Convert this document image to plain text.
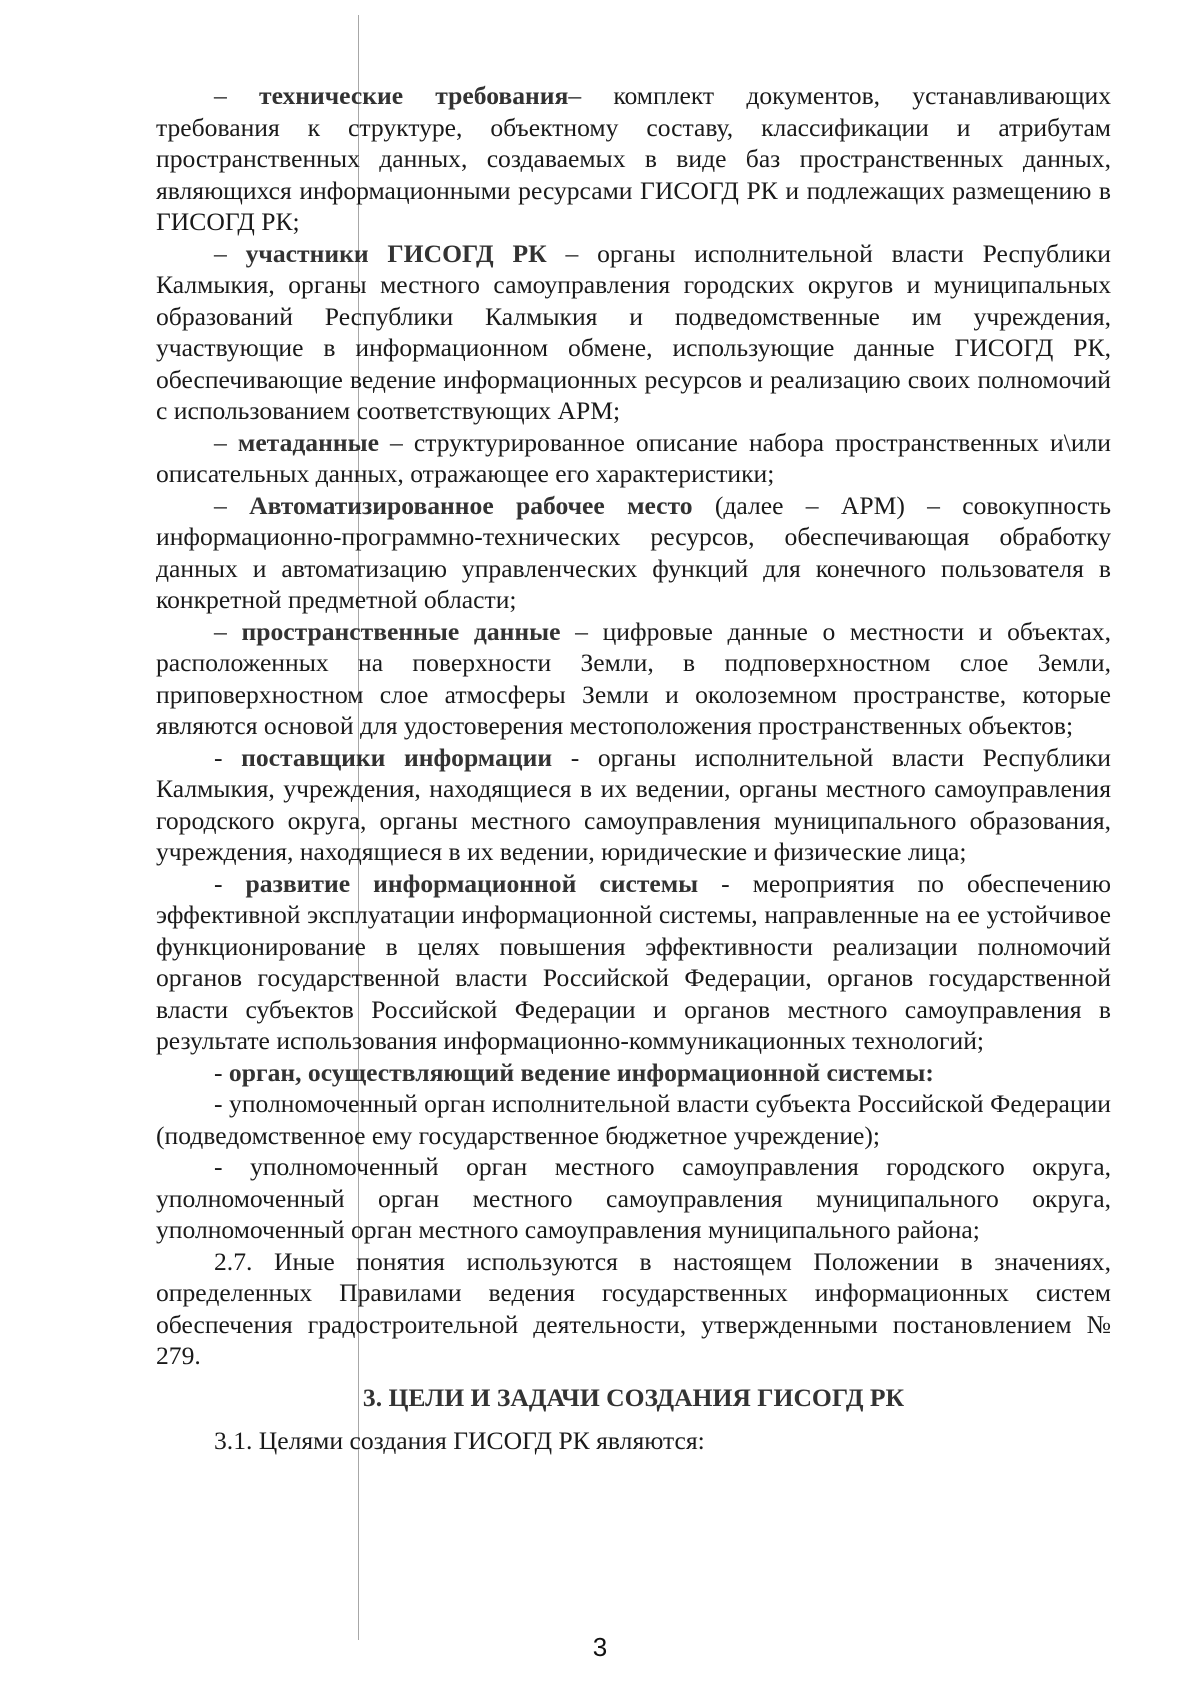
– технические требования– комплект документов, устанавливающих требования к структуре, объектному составу, классификации и атрибутам пространственных данных, создаваемых в виде баз пространственных данных, являющихся информационными ресурсами ГИСОГД РК и подлежащих размещению в ГИСОГД РК;

– участники ГИСОГД РК – органы исполнительной власти Республики Калмыкия, органы местного самоуправления городских округов и муниципальных образований Республики Калмыкия и подведомственные им учреждения, участвующие в информационном обмене, использующие данные ГИСОГД РК, обеспечивающие ведение информационных ресурсов и реализацию своих полномочий с использованием соответствующих АРМ;

– метаданные – структурированное описание набора пространственных и\или описательных данных, отражающее его характеристики;

– Автоматизированное рабочее место (далее – АРМ) – совокупность информационно-программно-технических ресурсов, обеспечивающая обработку данных и автоматизацию управленческих функций для конечного пользователя в конкретной предметной области;

– пространственные данные – цифровые данные о местности и объектах, расположенных на поверхности Земли, в подповерхностном слое Земли, приповерхностном слое атмосферы Земли и околоземном пространстве, которые являются основой для удостоверения местоположения пространственных объектов;

- поставщики информации - органы исполнительной власти Республики Калмыкия, учреждения, находящиеся в их ведении, органы местного самоуправления городского округа, органы местного самоуправления муниципального образования, учреждения, находящиеся в их ведении, юридические и физические лица;

- развитие информационной системы - мероприятия по обеспечению эффективной эксплуатации информационной системы, направленные на ее устойчивое функционирование в целях повышения эффективности реализации полномочий органов государственной власти Российской Федерации, органов государственной власти субъектов Российской Федерации и органов местного самоуправления в результате использования информационно-коммуникационных технологий;

- орган, осуществляющий ведение информационной системы:

- уполномоченный орган исполнительной власти субъекта Российской Федерации (подведомственное ему государственное бюджетное учреждение);

- уполномоченный орган местного самоуправления городского округа, уполномоченный орган местного самоуправления муниципального округа, уполномоченный орган местного самоуправления муниципального района;

2.7. Иные понятия используются в настоящем Положении в значениях, определенных Правилами ведения государственных информационных систем обеспечения градостроительной деятельности, утвержденными постановлением № 279.

3. ЦЕЛИ И ЗАДАЧИ СОЗДАНИЯ ГИСОГД РК

3.1. Целями создания ГИСОГД РК являются:

3
